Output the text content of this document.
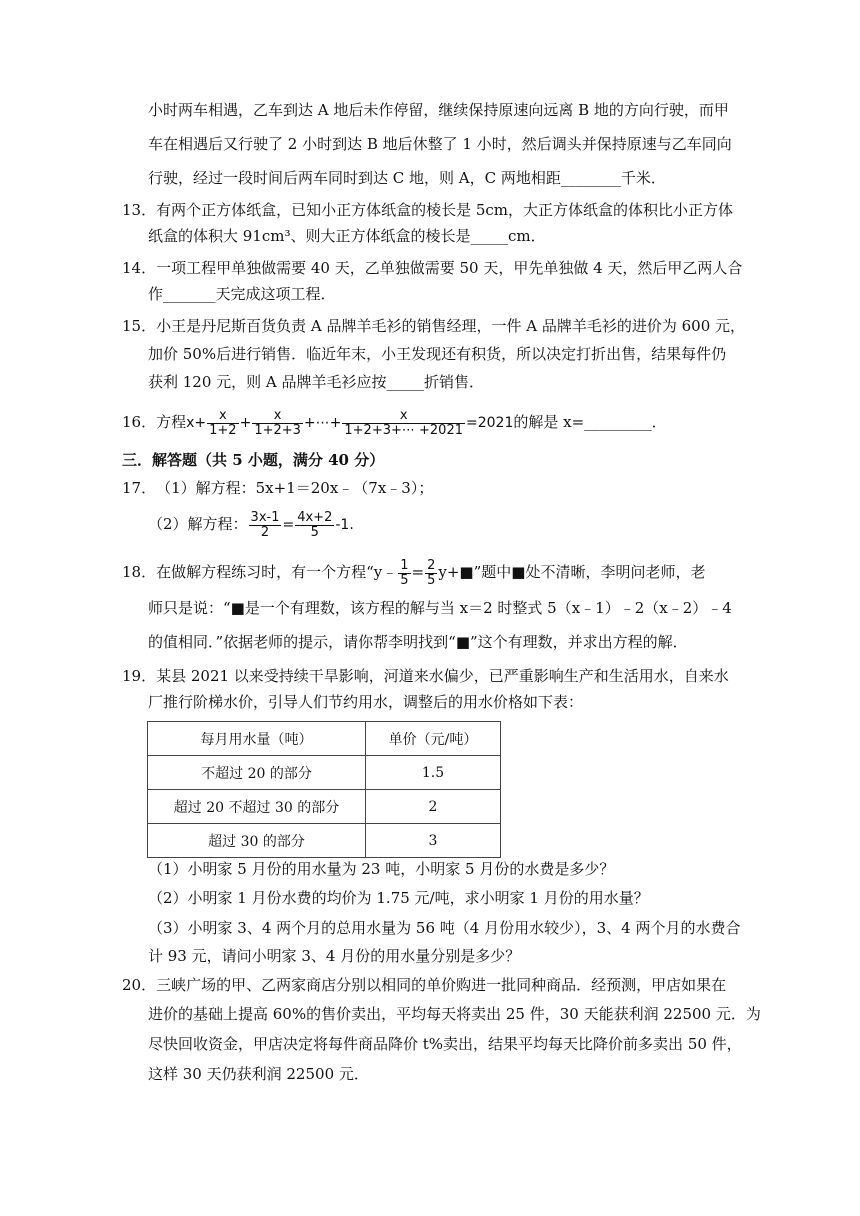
小时两车相遇，乙车到达 A 地后未作停留，继续保持原速向远离 B 地的方向行驶，而甲
车在相遇后又行驶了 2 小时到达 B 地后休整了 1 小时，然后调头并保持原速与乙车同向
行驶，经过一段时间后两车同时到达 C 地，则 A，C 两地相距________千米．
13．有两个正方体纸盒，已知小正方体纸盒的棱长是 5cm，大正方体纸盒的体积比小正方体
纸盒的体积大 91cm³、则大正方体纸盒的棱长是_____cm．
14．一项工程甲单独做需要 40 天，乙单独做需要 50 天，甲先单独做 4 天，然后甲乙两人合
作_______天完成这项工程．
15．小王是丹尼斯百货负责 A 品牌羊毛衫的销售经理，一件 A 品牌羊毛衫的进价为 600 元，
加价 50%后进行销售．临近年末，小王发现还有积货，所以决定打折出售，结果每件仍
获利 120 元，则 A 品牌羊毛衫应按_____折销售．
16．方程$x+ \frac{x}{1+2} + \frac{x}{1+2+3}$ +⋯+ $\frac{x}{1+2+3+\cdots +2021} =2021$的解是 x=_________．
三．解答题（共 5 小题，满分 40 分）
17．（1）解方程：5x+1＝20x﹣（7x﹣3）；
（2）解方程： $\frac{3x-1}{2} = \frac{4x+2}{5} -1$.
18．在做解方程练习时，有一个方程“y﹣ $\frac{1}{5} = \frac{2}{5}$ y+■”题中■处不清晰，李明问老师，老
师只是说：“■是一个有理数，该方程的解与当 x＝2 时整式 5（x﹣1）﹣2（x﹣2）﹣4
的值相同．”依据老师的提示，请你帮李明找到“■”这个有理数，并求出方程的解．
19．某县 2021 以来受持续干旱影响，河道来水偏少，已严重影响生产和生活用水，自来水
厂推行阶梯水价，引导人们节约用水，调整后的用水价格如下表：
每月用水量（吨）	单价（元/吨）
不超过 20 的部分	1.5
超过 20 不超过 30 的部分	2
超过 30 的部分	3
（1）小明家 5 月份的用水量为 23 吨，小明家 5 月份的水费是多少？
（2）小明家 1 月份水费的均价为 1.75 元/吨，求小明家 1 月份的用水量？
（3）小明家 3、4 两个月的总用水量为 56 吨（4 月份用水较少），3、4 两个月的水费合
计 93 元，请问小明家 3、4 月份的用水量分别是多少？
20．三峡广场的甲、乙两家商店分别以相同的单价购进一批同种商品．经预测，甲店如果在
进价的基础上提高 60%的售价卖出，平均每天将卖出 25 件，30 天能获利润 22500 元．为
尽快回收资金，甲店决定将每件商品降价 t%卖出，结果平均每天比降价前多卖出 50 件，
这样 30 天仍获利润 22500 元．
